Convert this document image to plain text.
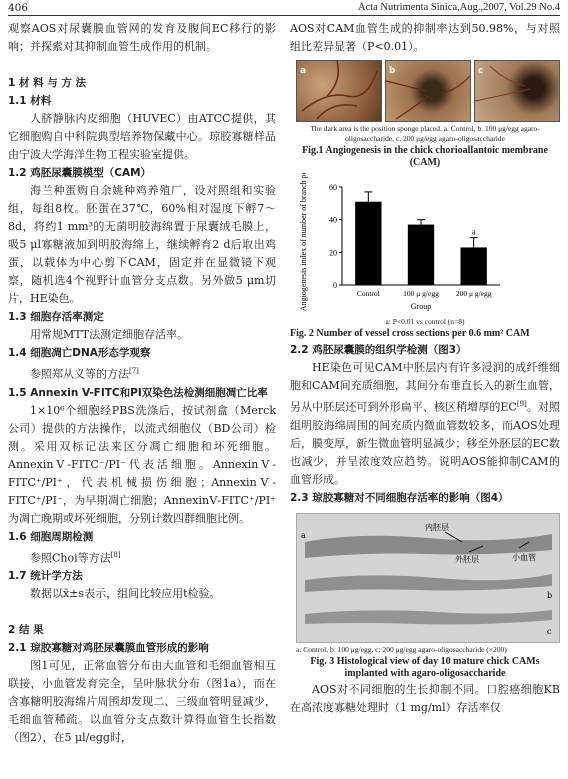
406	Acta Nutrimenta Sinica,Aug.,2007, Vol.29 No.4

观察AOS对尿囊膜血管网的发育及腹间EC移行的影响；并探索对其抑制血管生成作用的机制。

1 材 料 与 方 法

1.1 材料

人脐静脉内皮细胞（HUVEC）由ATCC提供，其它细胞购自中科院典型培养物保藏中心。琼胶寡糖样品由宁波大学海洋生物工程实验室提供。

1.2 鸡胚尿囊膜模型（CAM）

海兰种蛋购自余姚种鸡养殖厂，设对照组和实验组，每组8枚。胚蛋在37℃，60%相对湿度下孵7～8d，将约1 mm³的无菌明胶海绵置于尿囊绒毛膜上，吸5 μl寡糖液加到明胶海绵上，继续孵育2 d后取出鸡蛋，以载体为中心剪下CAM，固定并在显微镜下观察，随机选4个视野计血管分支点数。另外做5 μm切片，HE染色。

1.3 细胞存活率测定

用常规MTT法测定细胞存活率。

1.4 细胞凋亡DNA形态学观察

参照郑从义等的方法[7]

1.5 Annexin V-FITC和PI双染色法检测细胞凋亡比率

1×10⁶个细胞经PBS洗涤后，按试剂盒（Merck公司）提供的方法操作，以流式细胞仪（BD公司）检测。采用双标记法来区分凋亡细胞和坏死细胞。AnnexinⅤ-FITC⁻/PI⁻代表活细胞。AnnexinⅤ-FITC⁺/PI⁺，代表机械损伤细胞；AnnexinⅤ-FITC⁺/PI⁻，为早期凋亡细胞；AnnexinⅤ-FITC⁺/PI⁺为凋亡晚期或坏死细胞，分别计数四群细胞比例。

1.6 细胞周期检测

参照Choi等方法[8]

1.7 统计学方法

数据以x̄±s表示，组间比较应用t检验。

2 结 果

2.1 琼胶寡糖对鸡胚尿囊膜血管形成的影响

图1可见，正常血管分布由大血管和毛细血管相互联接，小血管发育完全，呈叶脉状分布（图1a），而在含寡糖明胶海绵片周围却发现二、三级血管明显减少，毛细血管稀疏。以血管分支点数计算得血管生长指数（图2），在5 μl/egg时，

AOS对CAM血管生成的抑制率达到50.98%，与对照组比差异显著（P<0.01）。

a	b	c

The dark area is the position sponge placed. a. Control, b. 100 μg/egg agaro-oligosaccharide, c. 200 μg/egg agaro-oligosaccharide

Fig.1 Angiogenesis in the chick chorioallantoic membrane (CAM)

Angiogenesis index of number of branch points	0
20
40
60
Control	100 μ g/egg
a
200 μ g/egg
Group

a: P<0.01 vs control (n=8)

Fig. 2 Number of vessel cross sections per 0.6 mm² CAM

2.2 鸡胚尿囊膜的组织学检测（图3）

HE染色可见CAM中胚层内有许多浸润的成纤维细胞和CAM间充质细胞，其间分布垂直长入的新生血管，另从中胚层还可到外形扁平、核区稍增厚的EC[9]。对照组明胶海绵周围的间充质内微血管数较多，而AOS处理后，膜变厚，新生微血管明显减少；移至外胚层的EC数也减少，并呈浓度效应趋势。说明AOS能抑制CAM的血管形成。

2.3 琼胶寡糖对不同细胞存活率的影响（图4）

内胚层
外胚层	小血管
a
b
c

a: Control, b: 100 μg/egg, c: 200 μg/egg agaro-oligosaccharide (×200)

Fig. 3 Histological view of day 10 mature chick CAMs implanted with agaro-oligosaccharide

AOS对不同细胞的生长抑制不同。口腔癌细胞KB在高浓度寡糖处理时（1 mg/ml）存活率仅
